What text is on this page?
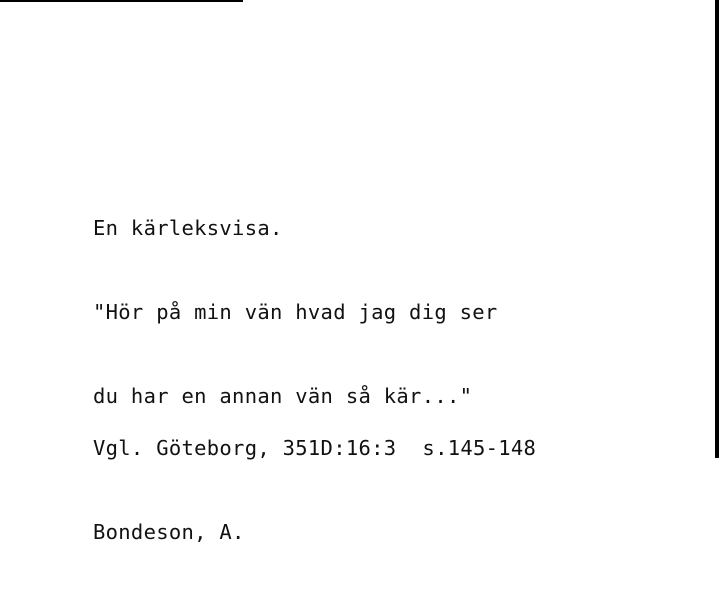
En kärleksvisa.

"Hör på min vän hvad jag dig ser

du har en annan vän så kär..."

Vgl. Göteborg, 351D:16:3 s.145-148

Bondeson, A.
